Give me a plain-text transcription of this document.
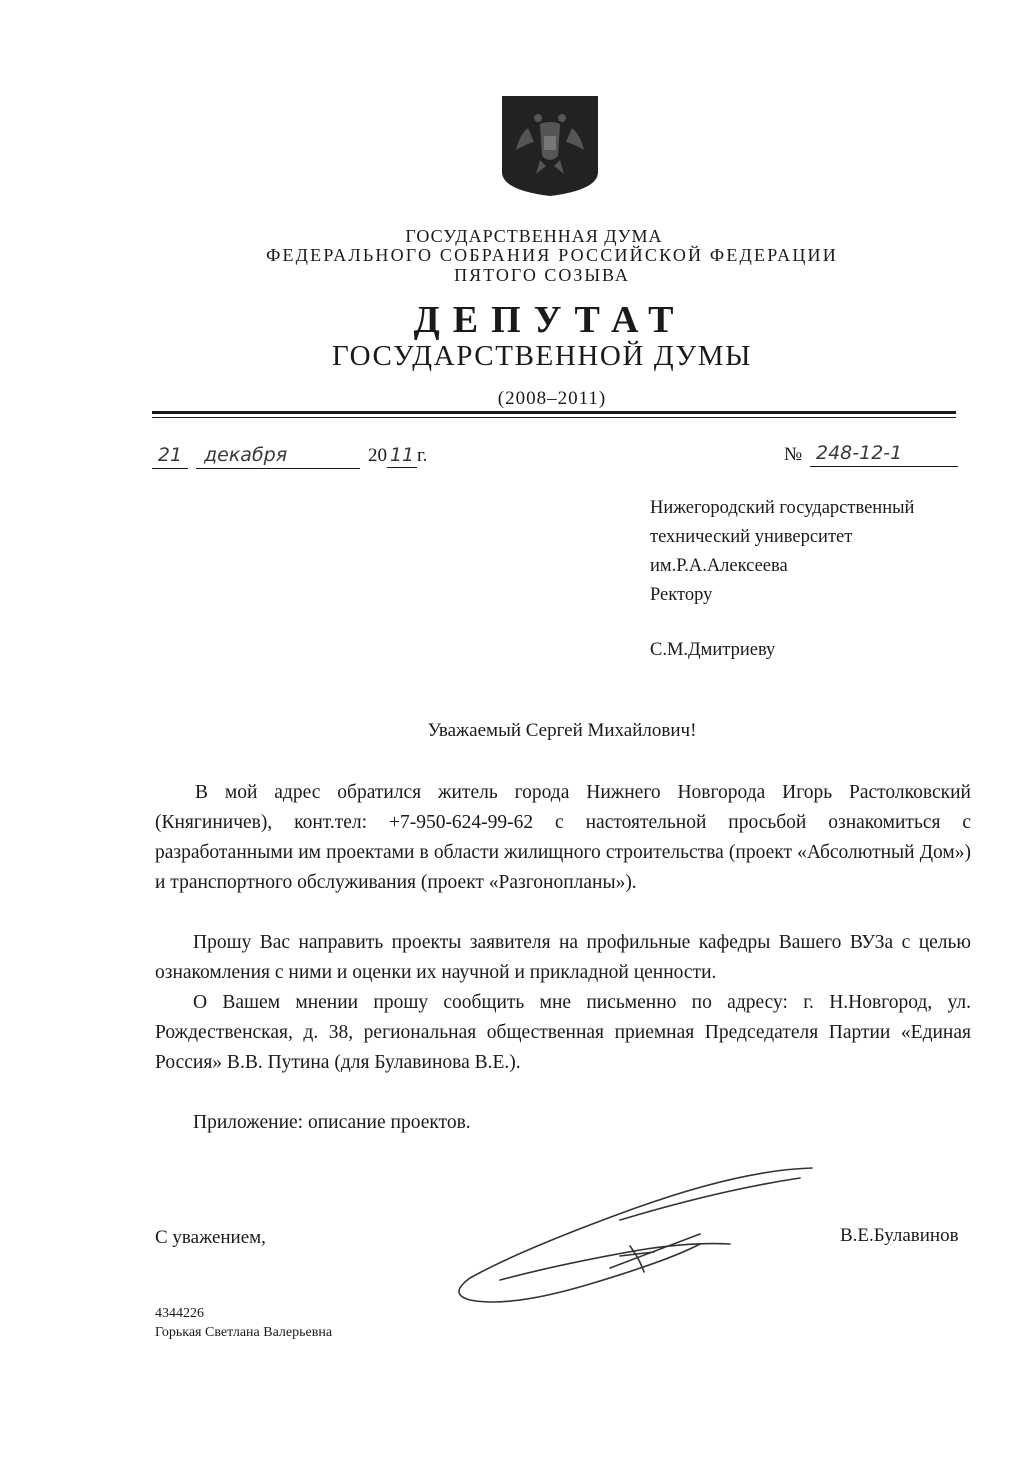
ГОСУДАРСТВЕННАЯ ДУМА
ФЕДЕРАЛЬНОГО СОБРАНИЯ РОССИЙСКОЙ ФЕДЕРАЦИИ
ПЯТОГО СОЗЫВА
ДЕПУТАТ
ГОСУДАРСТВЕННОЙ ДУМЫ
(2008–2011)
21	декабря	20 11 г.	№ 248-12-1
Нижегородский государственный
технический университет
им.Р.А.Алексеева
Ректору
С.М.Дмитриеву
Уважаемый Сергей Михайлович!
В мой адрес обратился житель города Нижнего Новгорода Игорь Растолковский (Княгиничев), конт.тел: +7-950-624-99-62 с настоятельной просьбой ознакомиться с разработанными им проектами в области жилищного строительства (проект «Абсолютный Дом») и транспортного обслуживания (проект «Разгонопланы»).
Прошу Вас направить проекты заявителя на профильные кафедры Вашего ВУЗа с целью ознакомления с ними и оценки их научной и прикладной ценности.
О Вашем мнении прошу сообщить мне письменно по адресу: г. Н.Новгород, ул. Рождественская, д. 38, региональная общественная приемная Председателя Партии «Единая Россия» В.В. Путина (для Булавинова В.Е.).
Приложение: описание проектов.
С уважением,	В.Е.Булавинов
4344226
Горькая Светлана Валерьевна
